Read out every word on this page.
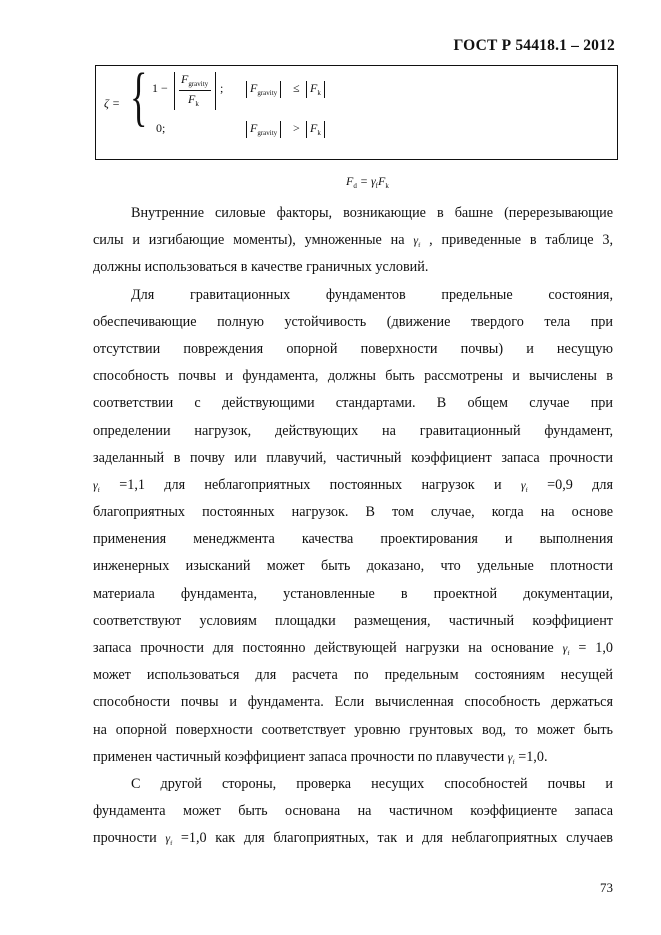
ГОСТ Р 54418.1 – 2012
ζ = { 1 −
$F_{gravity}$
$F_k$
;	$F_{gravity}$	≤ $F_k$
0;	$F_{gravity}$	> $F_k$
$F_d = \gamma_fF_k$
Внутренние силовые факторы, возникающие в башне (перерезывающие
силы и изгибающие моменты), умноженные на $\gamma_f$ , приведенные в таблице 3,
должны использоваться в качестве граничных условий.
Для гравитационных фундаментов предельные состояния,
обеспечивающие полную устойчивость (движение твердого тела при
отсутствии повреждения опорной поверхности почвы) и несущую
способность почвы и фундамента, должны быть рассмотрены и вычислены в
соответствии с действующими стандартами. В общем случае при
определении нагрузок, действующих на гравитационный фундамент,
заделанный в почву или плавучий, частичный коэффициент запаса прочности
$\gamma_f =1,1$ для неблагоприятных постоянных нагрузок и $\gamma_f =0,9$ для
благоприятных постоянных нагрузок. В том случае, когда на основе
применения менеджмента качества проектирования и выполнения
инженерных изысканий может быть доказано, что удельные плотности
материала фундамента, установленные в проектной документации,
соответствуют условиям площадки размещения, частичный коэффициент
запаса прочности для постоянно действующей нагрузки на основание $\gamma_f = 1,0$
может использоваться для расчета по предельным состояниям несущей
способности почвы и фундамента. Если вычисленная способность держаться
на опорной поверхности соответствует уровню грунтовых вод, то может быть
применен частичный коэффициент запаса прочности по плавучести $\gamma_f =1,0$.
С другой стороны, проверка несущих способностей почвы и
фундамента может быть основана на частичном коэффициенте запаса
прочности $\gamma_f =1,0$ как для благоприятных, так и для неблагоприятных случаев
73
